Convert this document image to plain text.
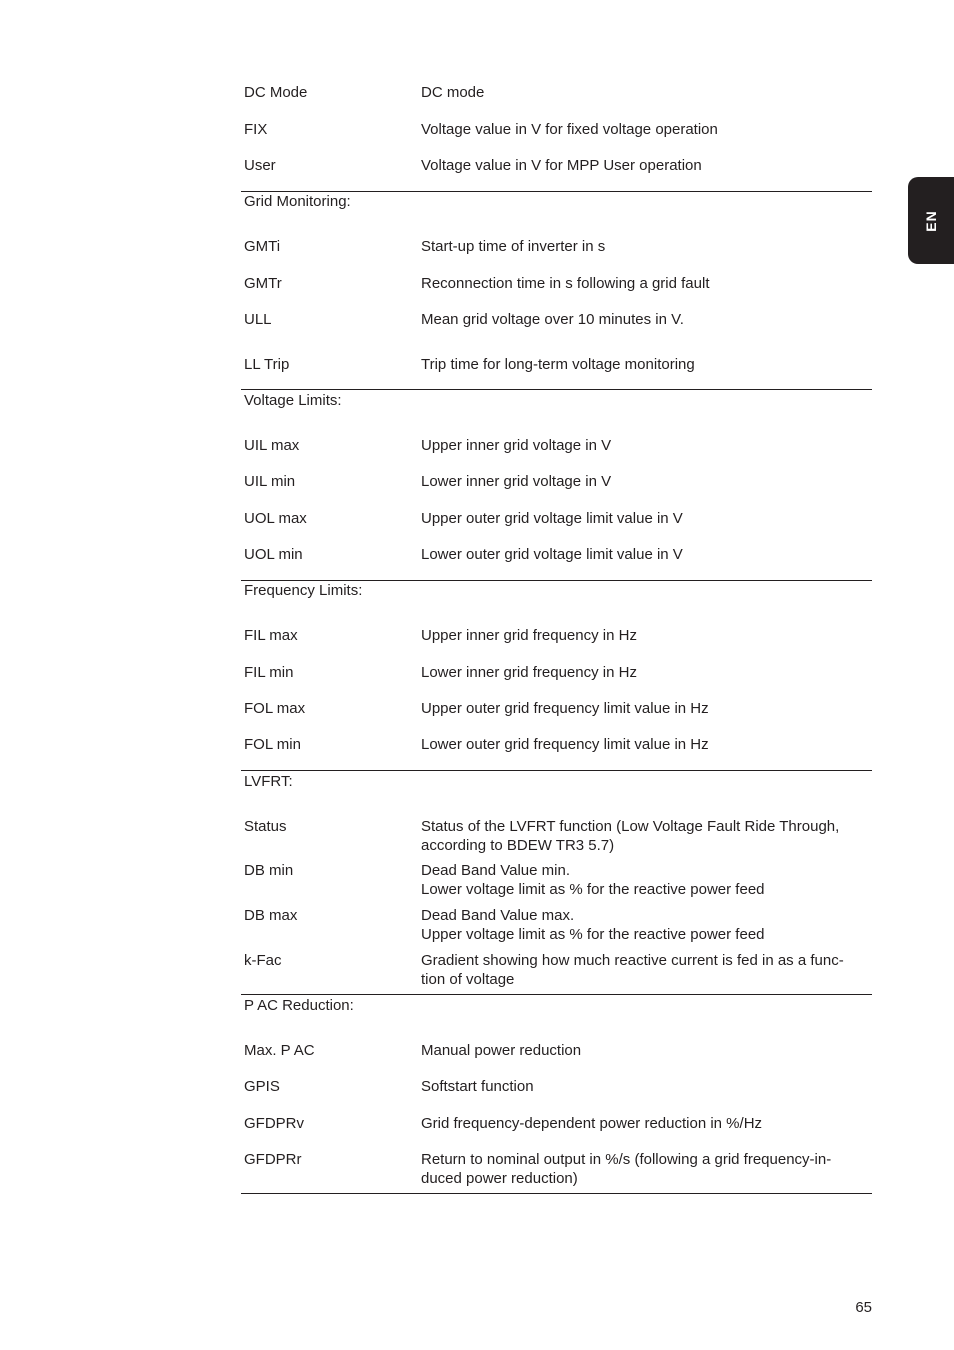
EN
DC Mode	DC mode
FIX	Voltage value in V for fixed voltage operation
User	Voltage value in V for MPP User operation
Grid Monitoring:
GMTi	Start-up time of inverter in s
GMTr	Reconnection time in s following a grid fault
ULL	Mean grid voltage over 10 minutes in V.
LL Trip	Trip time for long-term voltage monitoring
Voltage Limits:
UIL max	Upper inner grid voltage in V
UIL min	Lower inner grid voltage in V
UOL max	Upper outer grid voltage limit value in V
UOL min	Lower outer grid voltage limit value in V
Frequency Limits:
FIL max	Upper inner grid frequency in Hz
FIL min	Lower inner grid frequency in Hz
FOL max	Upper outer grid frequency limit value in Hz
FOL min	Lower outer grid frequency limit value in Hz
LVFRT:
Status	Status of the LVFRT function (Low Voltage Fault Ride Through,
according to BDEW TR3 5.7)
DB min	Dead Band Value min.
Lower voltage limit as % for the reactive power feed
DB max	Dead Band Value max.
Upper voltage limit as % for the reactive power feed
k-Fac	Gradient showing how much reactive current is fed in as a func-
tion of voltage
P AC Reduction:
Max. P AC	Manual power reduction
GPIS	Softstart function
GFDPRv	Grid frequency-dependent power reduction in %/Hz
GFDPRr	Return to nominal output in %/s (following a grid frequency-in-
duced power reduction)
65
